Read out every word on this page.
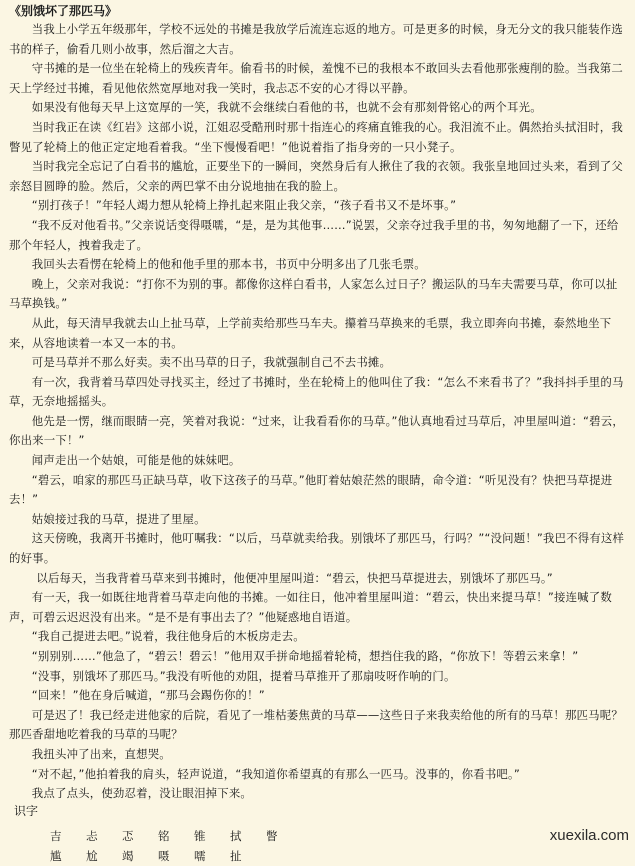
《别饿坏了那匹马》

当我上小学五年级那年，学校不远处的书摊是我放学后流连忘返的地方。可是更多的时候，身无分文的我只能装作选书的样子，偷看几则小故事，然后溜之大吉。

守书摊的是一位坐在轮椅上的残疾青年。偷看书的时候，羞愧不已的我根本不敢回头去看他那张瘦削的脸。当我第二天上学经过书摊，看见他依然宽厚地对我一笑时，我忐忑不安的心才得以平静。

如果没有他每天早上这宽厚的一笑，我就不会继续白看他的书，也就不会有那刻骨铭心的两个耳光。

当时我正在读《红岩》这部小说，江姐忍受酷刑时那十指连心的疼痛直锥我的心。我泪流不止。偶然抬头拭泪时，我瞥见了轮椅上的他正定定地看着我。“坐下慢慢看吧！”他说着指了指身旁的一只小凳子。

当时我完全忘记了白看书的尴尬，正要坐下的一瞬间，突然身后有人揪住了我的衣领。我张皇地回过头来，看到了父亲怒目圆睁的脸。然后，父亲的两巴掌不由分说地抽在我的脸上。

“别打孩子！”年轻人竭力想从轮椅上挣扎起来阻止我父亲，“孩子看书又不是坏事。”

“我不反对他看书。”父亲说话变得嗫嚅，“是，是为其他事……”说罢，父亲夺过我手里的书，匆匆地翻了一下，还给那个年轻人，拽着我走了。

我回头去看愣在轮椅上的他和他手里的那本书，书页中分明多出了几张毛票。

晚上，父亲对我说：“打你不为别的事。都像你这样白看书，人家怎么过日子？搬运队的马车夫需要马草，你可以扯马草换钱。”

从此，每天清早我就去山上扯马草，上学前卖给那些马车夫。攥着马草换来的毛票，我立即奔向书摊，泰然地坐下来，从容地读着一本又一本的书。

可是马草并不那么好卖。卖不出马草的日子，我就强制自己不去书摊。

有一次，我背着马草四处寻找买主，经过了书摊时，坐在轮椅上的他叫住了我：“怎么不来看书了？”我抖抖手里的马草，无奈地摇摇头。

他先是一愣，继而眼睛一亮，笑着对我说：“过来，让我看看你的马草。”他认真地看过马草后，冲里屋叫道：“碧云，你出来一下！”

闻声走出一个姑娘，可能是他的妹妹吧。

“碧云，咱家的那匹马正缺马草，收下这孩子的马草。”他盯着姑娘茫然的眼睛，命令道：“听见没有？快把马草提进去！”

姑娘接过我的马草，提进了里屋。

这天傍晚，我离开书摊时，他叮嘱我：“以后，马草就卖给我。别饿坏了那匹马，行吗？”“没问题！”我巴不得有这样的好事。

以后每天，当我背着马草来到书摊时，他便冲里屋叫道：“碧云，快把马草提进去，别饿坏了那匹马。”

有一天，我一如既往地背着马草走向他的书摊。一如往日，他冲着里屋叫道：“碧云，快出来提马草！”接连喊了数声，可碧云迟迟没有出来。“是不是有事出去了？”他疑惑地自语道。

“我自己提进去吧。”说着，我往他身后的木板房走去。

“别别别……”他急了，“碧云！碧云！”他用双手拼命地摇着轮椅，想挡住我的路，“你放下！等碧云来拿！”

“没事，别饿坏了那匹马。”我没有听他的劝阻，提着马草推开了那扇吱呀作响的门。

“回来！”他在身后喊道，“那马会踢伤你的！”

可是迟了！我已经走进他家的后院，看见了一堆枯萎焦黄的马草——这些日子来我卖给他的所有的马草！那匹马呢？那匹香甜地吃着我的马草的马呢？

我扭头冲了出来，直想哭。

“对不起，”他拍着我的肩头，轻声说道，“我知道你希望真的有那么一匹马。没事的，你看书吧。”

我点了点头，使劲忍着，没让眼泪掉下来。

识字
吉	忐	忑	铭	锥	拭	瞥
尴	尬	竭	嗫	嚅	扯
xuexila.com
